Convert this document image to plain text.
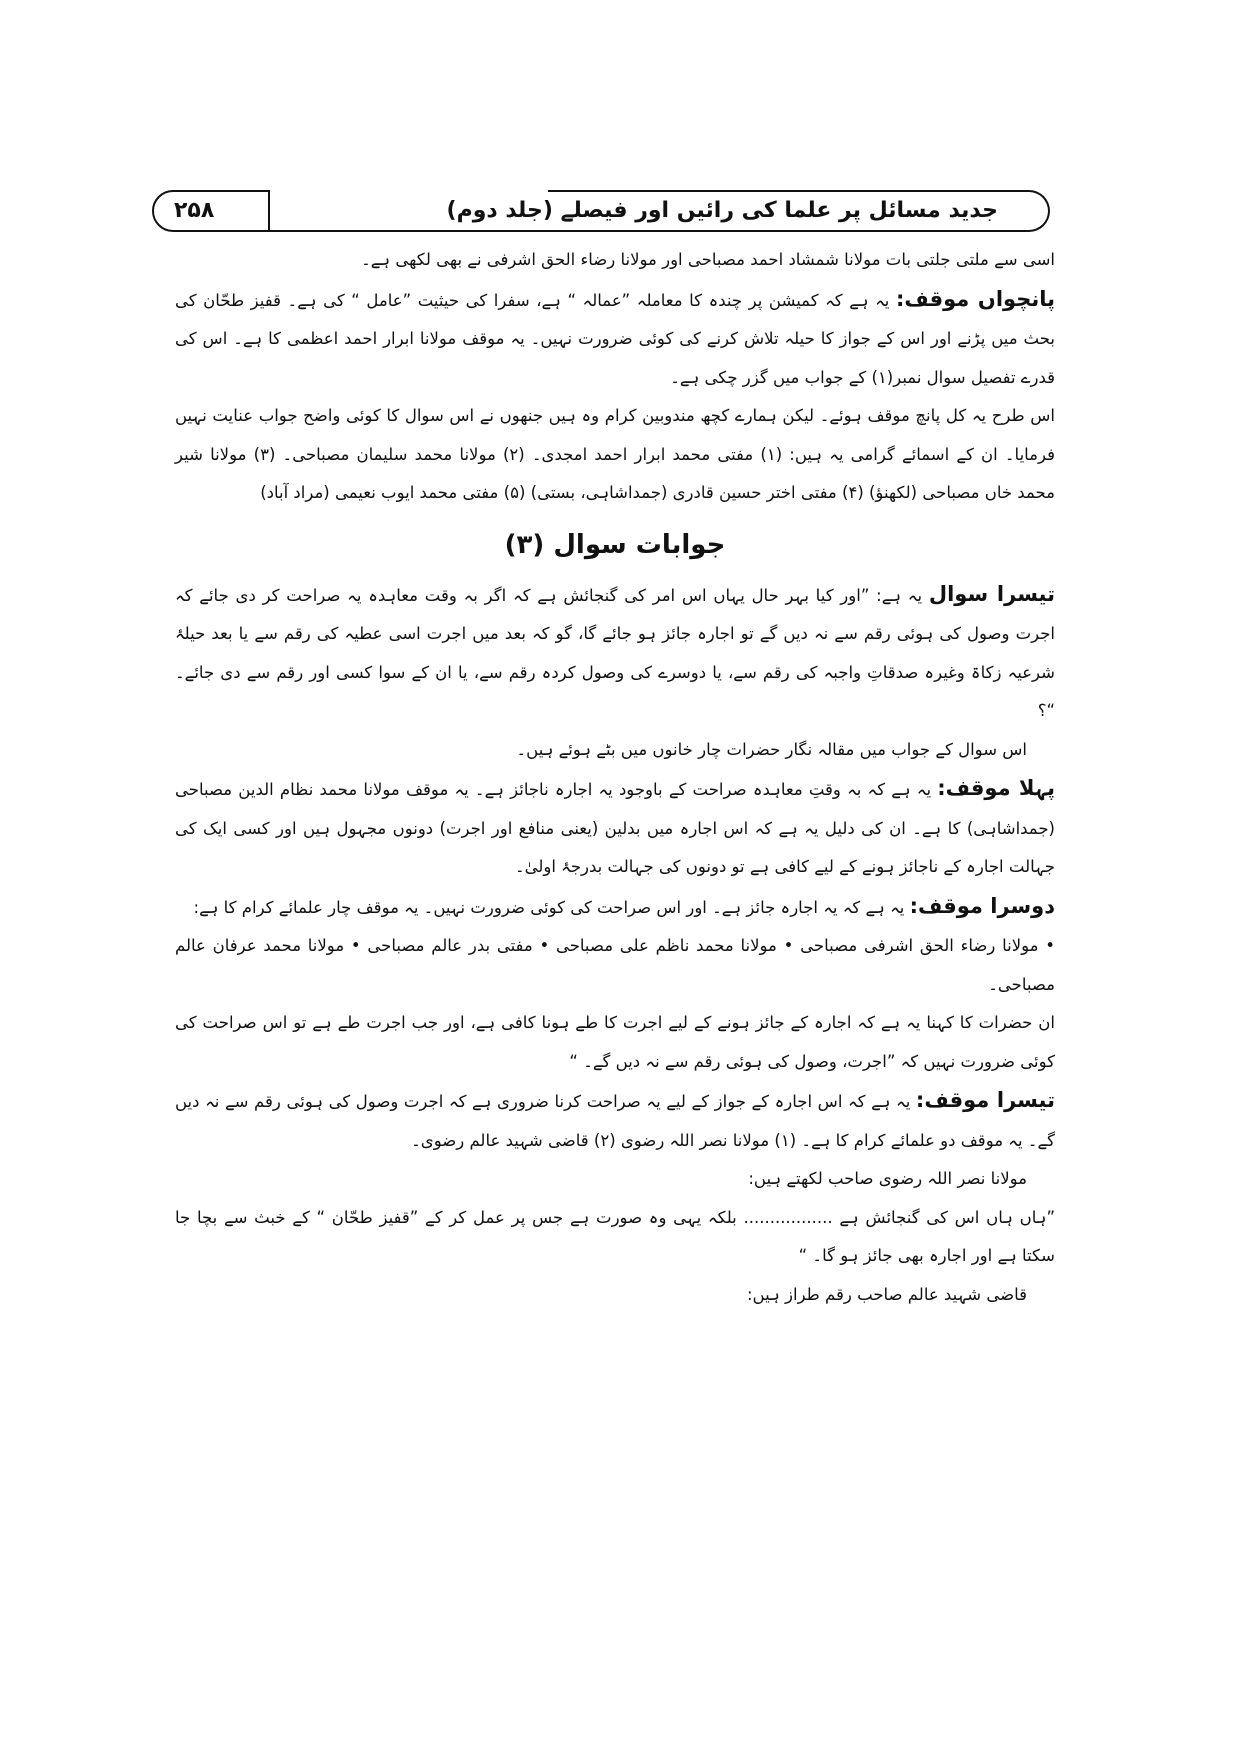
جدید مسائل پر علما کی رائیں اور فیصلے (جلد دوم)
۲۵۸

اسی سے ملتی جلتی بات مولانا شمشاد احمد مصباحی اور مولانا رضاء الحق اشرفی نے بھی لکھی ہے۔

پانچواں موقف: یہ ہے کہ کمیشن پر چندہ کا معاملہ ”عمالہ “ ہے، سفرا کی حیثیت ”عامل “ کی ہے۔ قفیز طحّان کی بحث میں پڑنے اور اس کے جواز کا حیلہ تلاش کرنے کی کوئی ضرورت نہیں۔ یہ موقف مولانا ابرار احمد اعظمی کا ہے۔ اس کی قدرے تفصیل سوال نمبر(۱) کے جواب میں گزر چکی ہے۔

اس طرح یہ کل پانچ موقف ہوئے۔ لیکن ہمارے کچھ مندوبین کرام وہ ہیں جنھوں نے اس سوال کا کوئی واضح جواب عنایت نہیں فرمایا۔ ان کے اسمائے گرامی یہ ہیں: (۱) مفتی محمد ابرار احمد امجدی۔ (۲) مولانا محمد سلیمان مصباحی۔ (۳) مولانا شیر محمد خاں مصباحی (لکھنؤ) (۴) مفتی اختر حسین قادری (جمداشاہی، بستی) (۵) مفتی محمد ایوب نعیمی (مراد آباد)

جوابات سوال (۳)

تیسرا سوال یہ ہے: ”اور کیا بہر حال یہاں اس امر کی گنجائش ہے کہ اگر بہ وقت معاہدہ یہ صراحت کر دی جائے کہ اجرت وصول کی ہوئی رقم سے نہ دیں گے تو اجارہ جائز ہو جائے گا، گو کہ بعد میں اجرت اسی عطیہ کی رقم سے یا بعد حیلۂ شرعیہ زکاۃ وغیرہ صدقاتِ واجبہ کی رقم سے، یا دوسرے کی وصول کردہ رقم سے، یا ان کے سوا کسی اور رقم سے دی جائے۔ “؟

اس سوال کے جواب میں مقالہ نگار حضرات چار خانوں میں بٹے ہوئے ہیں۔

پہلا موقف: یہ ہے کہ بہ وقتِ معاہدہ صراحت کے باوجود یہ اجارہ ناجائز ہے۔ یہ موقف مولانا محمد نظام الدین مصباحی (جمداشاہی) کا ہے۔ ان کی دلیل یہ ہے کہ اس اجارہ میں بدلین (یعنی منافع اور اجرت) دونوں مجہول ہیں اور کسی ایک کی جہالت اجارہ کے ناجائز ہونے کے لیے کافی ہے تو دونوں کی جہالت بدرجۂ اولیٰ۔

دوسرا موقف: یہ ہے کہ یہ اجارہ جائز ہے۔ اور اس صراحت کی کوئی ضرورت نہیں۔ یہ موقف چار علمائے کرام کا ہے:

• مولانا رضاء الحق اشرفی مصباحی • مولانا محمد ناظم علی مصباحی • مفتی بدر عالم مصباحی • مولانا محمد عرفان عالم مصباحی۔

ان حضرات کا کہنا یہ ہے کہ اجارہ کے جائز ہونے کے لیے اجرت کا طے ہونا کافی ہے، اور جب اجرت طے ہے تو اس صراحت کی کوئی ضرورت نہیں کہ ”اجرت، وصول کی ہوئی رقم سے نہ دیں گے۔ “

تیسرا موقف: یہ ہے کہ اس اجارہ کے جواز کے لیے یہ صراحت کرنا ضروری ہے کہ اجرت وصول کی ہوئی رقم سے نہ دیں گے۔ یہ موقف دو علمائے کرام کا ہے۔ (۱) مولانا نصر اللہ رضوی (۲) قاضی شہید عالم رضوی۔

مولانا نصر اللہ رضوی صاحب لکھتے ہیں:

”ہاں ہاں اس کی گنجائش ہے ................. بلکہ یہی وہ صورت ہے جس پر عمل کر کے ”قفیز طحّان “ کے خبث سے بچا جا سکتا ہے اور اجارہ بھی جائز ہو گا۔ “

قاضی شہید عالم صاحب رقم طراز ہیں:
